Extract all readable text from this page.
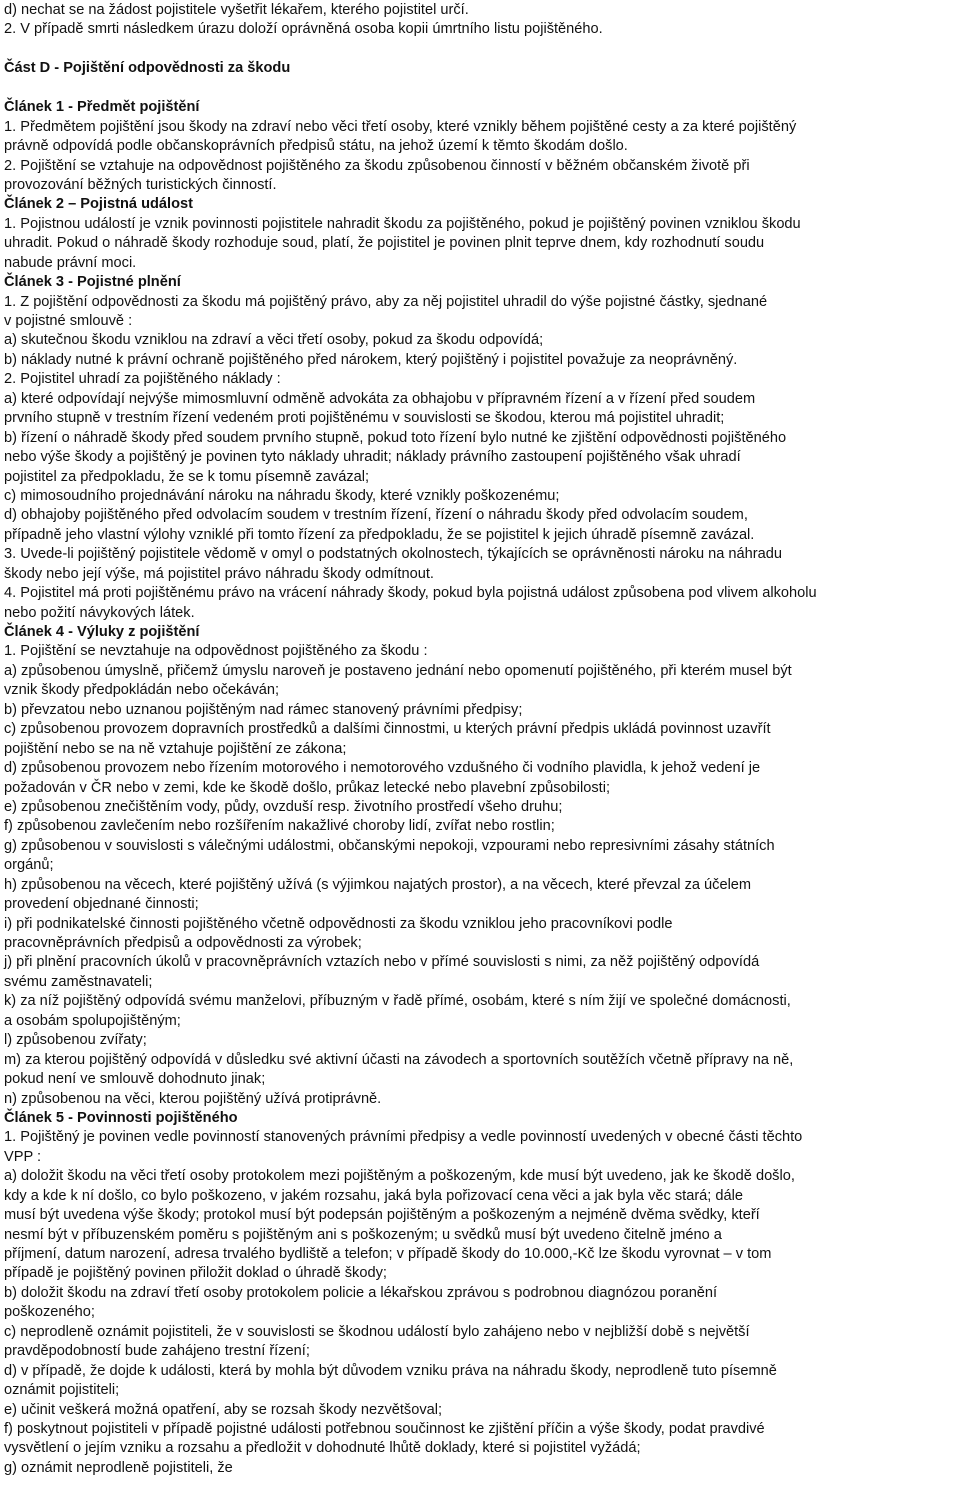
d) nechat se na žádost pojistitele vyšetřit lékařem, kterého pojistitel určí.
2. V případě smrti následkem úrazu doloží oprávněná osoba kopii úmrtního listu pojištěného.
Část D - Pojištění odpovědnosti za škodu
Článek 1 - Předmět pojištění
1. Předmětem pojištění jsou škody na zdraví nebo věci třetí osoby, které vznikly během pojištěné cesty a za které pojištěný
právně odpovídá podle občanskoprávních předpisů státu, na jehož území k těmto škodám došlo.
2. Pojištění se vztahuje na odpovědnost pojištěného za škodu způsobenou činností v běžném občanském životě při
provozování běžných turistických činností.
Článek 2 – Pojistná událost
1. Pojistnou událostí je vznik povinnosti pojistitele nahradit škodu za pojištěného, pokud je pojištěný povinen vzniklou škodu
uhradit. Pokud o náhradě škody rozhoduje soud, platí, že pojistitel je povinen plnit teprve dnem, kdy rozhodnutí soudu
nabude právní moci.
Článek 3 - Pojistné plnění
1. Z pojištění odpovědnosti za škodu má pojištěný právo, aby za něj pojistitel uhradil do výše pojistné částky, sjednané
v pojistné smlouvě :
a) skutečnou škodu vzniklou na zdraví a věci třetí osoby, pokud za škodu odpovídá;
b) náklady nutné k právní ochraně pojištěného před nárokem, který pojištěný i pojistitel považuje za neoprávněný.
2. Pojistitel uhradí za pojištěného náklady :
a) které odpovídají nejvýše mimosmluvní odměně advokáta za obhajobu v přípravném řízení a v řízení před soudem
prvního stupně v trestním řízení vedeném proti pojištěnému v souvislosti se škodou, kterou má pojistitel uhradit;
b) řízení o náhradě škody před soudem prvního stupně, pokud toto řízení bylo nutné ke zjištění odpovědnosti pojištěného
nebo výše škody a pojištěný je povinen tyto náklady uhradit; náklady právního zastoupení pojištěného však uhradí
pojistitel za předpokladu, že se k tomu písemně zavázal;
c) mimosoudního projednávání nároku na náhradu škody, které vznikly poškozenému;
d) obhajoby pojištěného před odvolacím soudem v trestním řízení, řízení o náhradu škody před odvolacím soudem,
případně jeho vlastní výlohy vzniklé při tomto řízení za předpokladu, že se pojistitel k jejich úhradě písemně zavázal.
3. Uvede-li pojištěný pojistitele vědomě v omyl o podstatných okolnostech, týkajících se oprávněnosti nároku na náhradu
škody nebo její výše, má pojistitel právo náhradu škody odmítnout.
4. Pojistitel má proti pojištěnému právo na vrácení náhrady škody, pokud byla pojistná událost způsobena pod vlivem alkoholu
nebo požití návykových látek.
Článek 4 - Výluky z pojištění
1. Pojištění se nevztahuje na odpovědnost pojištěného za škodu :
a) způsobenou úmyslně, přičemž úmyslu naroveň je postaveno jednání nebo opomenutí pojištěného, při kterém musel být
vznik škody předpokládán nebo očekáván;
b) převzatou nebo uznanou pojištěným nad rámec stanovený právními předpisy;
c) způsobenou provozem dopravních prostředků a dalšími činnostmi, u kterých právní předpis ukládá povinnost uzavřít
pojištění nebo se na ně vztahuje pojištění ze zákona;
d) způsobenou provozem nebo řízením motorového i nemotorového vzdušného či vodního plavidla, k jehož vedení je
požadován v ČR nebo v zemi, kde ke škodě došlo, průkaz letecké nebo plavební způsobilosti;
e) způsobenou znečištěním vody, půdy, ovzduší resp. životního prostředí všeho druhu;
f) způsobenou zavlečením nebo rozšířením nakažlivé choroby lidí, zvířat nebo rostlin;
g) způsobenou v souvislosti s válečnými událostmi, občanskými nepokoji, vzpourami nebo represivními zásahy státních
orgánů;
h) způsobenou na věcech, které pojištěný užívá (s výjimkou najatých prostor), a na věcech, které převzal za účelem
provedení objednané činnosti;
i) při podnikatelské činnosti pojištěného včetně odpovědnosti za škodu vzniklou jeho pracovníkovi podle
pracovněprávních předpisů a odpovědnosti za výrobek;
j) při plnění pracovních úkolů v pracovněprávních vztazích nebo v přímé souvislosti s nimi, za něž pojištěný odpovídá
svému zaměstnavateli;
k) za níž pojištěný odpovídá svému manželovi, příbuzným v řadě přímé, osobám, které s ním žijí ve společné domácnosti,
a osobám spolupojištěným;
l) způsobenou zvířaty;
m) za kterou pojištěný odpovídá v důsledku své aktivní účasti na závodech a sportovních soutěžích včetně přípravy na ně,
pokud není ve smlouvě dohodnuto jinak;
n) způsobenou na věci, kterou pojištěný užívá protiprávně.
Článek 5 - Povinnosti pojištěného
1. Pojištěný je povinen vedle povinností stanovených právními předpisy a vedle povinností uvedených v obecné části těchto
VPP :
a) doložit škodu na věci třetí osoby protokolem mezi pojištěným a poškozeným, kde musí být uvedeno, jak ke škodě došlo,
kdy a kde k ní došlo, co bylo poškozeno, v jakém rozsahu, jaká byla pořizovací cena věci a jak byla věc stará; dále
musí být uvedena výše škody; protokol musí být podepsán pojištěným a poškozeným a nejméně dvěma svědky, kteří
nesmí být v příbuzenském poměru s pojištěným ani s poškozeným; u svědků musí být uvedeno čitelně jméno a
příjmení, datum narození, adresa trvalého bydliště a telefon; v případě škody do 10.000,-Kč lze škodu vyrovnat – v tom
případě je pojištěný povinen přiložit doklad o úhradě škody;
b) doložit škodu na zdraví třetí osoby protokolem policie a lékařskou zprávou s podrobnou diagnózou poranění
poškozeného;
c) neprodleně oznámit pojistiteli, že v souvislosti se škodnou událostí bylo zahájeno nebo v nejbližší době s největší
pravděpodobností bude zahájeno trestní řízení;
d) v případě, že dojde k události, která by mohla být důvodem vzniku práva na náhradu škody, neprodleně tuto písemně
oznámit pojistiteli;
e) učinit veškerá možná opatření, aby se rozsah škody nezvětšoval;
f) poskytnout pojistiteli v případě pojistné události potřebnou součinnost ke zjištění příčin a výše škody, podat pravdivé
vysvětlení o jejím vzniku a rozsahu a předložit v dohodnuté lhůtě doklady, které si pojistitel vyžádá;
g) oznámit neprodleně pojistiteli, že
